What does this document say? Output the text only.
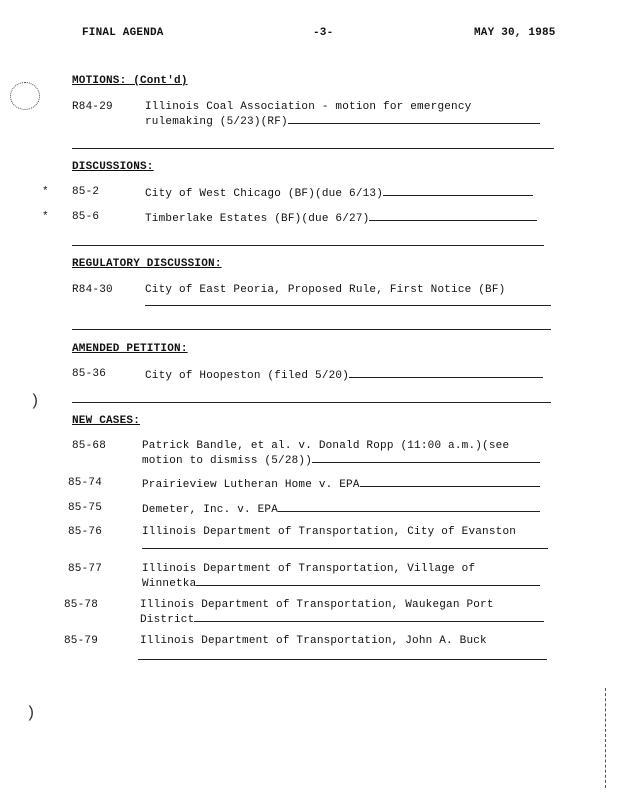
FINAL AGENDA	-3-	MAY 30, 1985
)
)
MOTIONS: (Cont'd)
R84-29	Illinois Coal Association - motion for emergency
rulemaking (5/23)(RF)
DISCUSSIONS:
* 85-2	City of West Chicago (BF)(due 6/13)
* 85-6	Timberlake Estates (BF)(due 6/27)
REGULATORY DISCUSSION:
R84-30	City of East Peoria, Proposed Rule, First Notice (BF)
AMENDED PETITION:
85-36	City of Hoopeston (filed 5/20)
NEW CASES:
85-68	Patrick Bandle, et al. v. Donald Ropp (11:00 a.m.)(see
motion to dismiss (5/28))
85-74	Prairieview Lutheran Home v. EPA
85-75	Demeter, Inc. v. EPA
85-76	Illinois Department of Transportation, City of Evanston
85-77	Illinois Department of Transportation, Village of
Winnetka
85-78	Illinois Department of Transportation, Waukegan Port
District
85-79	Illinois Department of Transportation, John A. Buck
